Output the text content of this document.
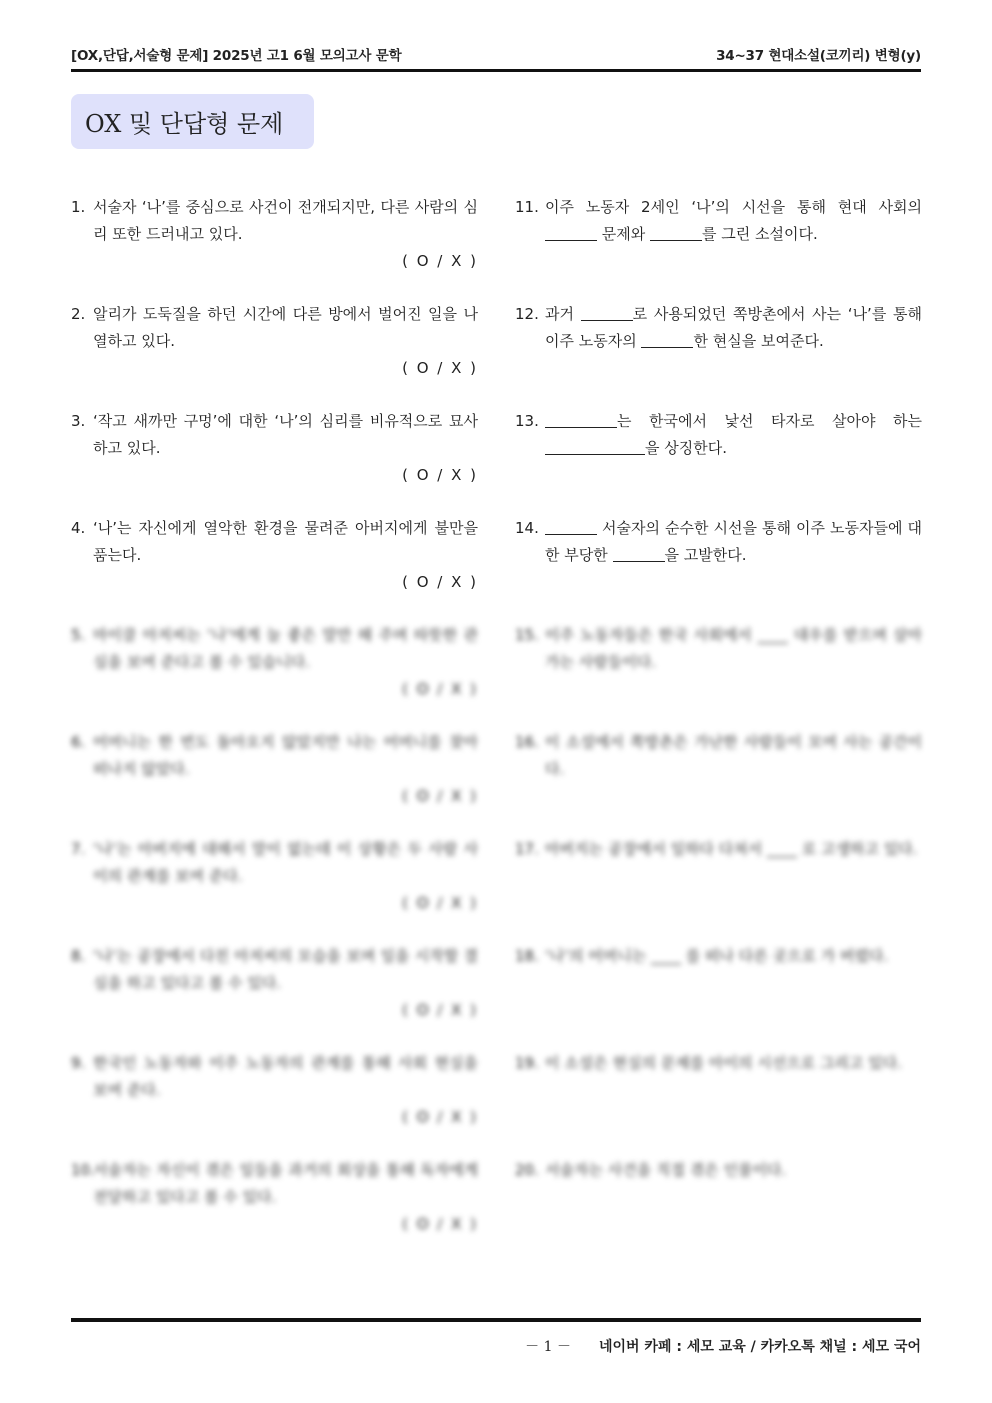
[OX,단답,서술형 문제] 2025년 고1 6월 모의고사 문학	34~37 현대소설(코끼리) 변형(y)
OX 및 단답형 문제
1. 서술자 ‘나’를 중심으로 사건이 전개되지만, 다른 사람의 심리 또한 드러내고 있다.
( O / X )
2. 알리가 도둑질을 하던 시간에 다른 방에서 벌어진 일을 나열하고 있다.
( O / X )
3. ‘작고 새까만 구멍’에 대한 ‘나’의 심리를 비유적으로 묘사하고 있다.
( O / X )
4. ‘나’는 자신에게 열악한 환경을 물려준 아버지에게 불만을 품는다.
( O / X )
5. 마이클 아저씨는 ‘나’에게 늘 좋은 말만 해 주며 따뜻한 관심을 보여 준다고 볼 수 있습니다.
( O / X )
6. 어머니는 한 번도 돌아오지 않았지만 나는 어머니를 찾아 떠나지 않았다.
( O / X )
7. ‘나’는 아버지에 대해서 말이 없는데 이 상황은 두 사람 사이의 관계를 보여 준다.
( O / X )
8. ‘나’는 공장에서 다친 아저씨의 모습을 보며 일을 시작할 결심을 하고 있다고 볼 수 있다.
( O / X )
9. 한국인 노동자와 이주 노동자의 관계를 통해 사회 현실을 보여 준다.
( O / X )
10.
서술자는 자신이 겪은 일들을 과거의 회상을 통해 독자에게 전달하고 있다고 볼 수 있다.
( O / X )
11. 이주 노동자 2세인 ‘나’의 시선을 통해 현대 사회의  문제와	를 그린 소설이다.
12. 과거	로 사용되었던 쪽방촌에서 사는 ‘나’를 통해 이주 노동자의	한 현실을 보여준다.
13.	는 한국에서 낯선 타자로 살아야 하는 을 상징한다.
14.	서술자의 순수한 시선을 통해 이주 노동자들에 대한 부당한	을 고발한다.
15. 이주 노동자들은 한국 사회에서 ____ 대우를 받으며 살아가는 사람들이다.
16. 이 소설에서 쪽방촌은 가난한 사람들이 모여 사는 공간이다.
17. 아버지는 공장에서 일하다 다쳐서 ____ 로 고생하고 있다.
18. ‘나’의 어머니는 ____ 를 떠나 다른 곳으로 가 버렸다.
19. 이 소설은 현실의 문제를 아이의 시선으로 그리고 있다.
20. 서술자는 사건을 직접 겪은 인물이다.
－ 1 － 네이버 카페 : 세모 교육 / 카카오톡 채널 : 세모 국어
